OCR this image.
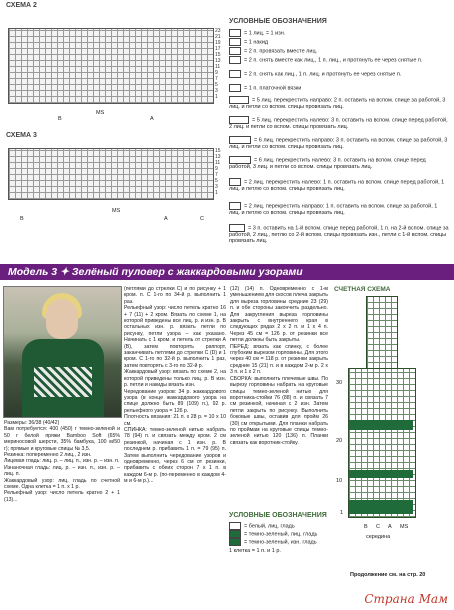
СХЕМА 2
23
21
19
17
15
13
11
9
7
5
3
1
B
MS
A
СХЕМА 3
15
13
11
9
7
5
3
1
B
MS
A	C
УСЛОВНЫЕ ОБОЗНАЧЕНИЯ
= 1 лиц. = 1 изн.
= 1 накид
= 2 п. провязать вместе лиц.
= 2 п. снять вместе как лиц., 1 п. лиц., и протянуть ее через снятые п.
= 2 п. снять как лиц., 1 п. лиц. и протянуть ее через снятые п.
= 1 п. платочной вязки
= 5 лиц. перекрестить направо: 2 п. оставить на вспом. спице за работой, 3 лиц. и петли со вспом. спицы провязать лиц.
= 5 лиц. перекрестить налево: 3 п. оставить на вспом. спице перед работой, 2 лиц. и петли со вспом. спицы провязать лиц.
= 6 лиц. перекрестить направо: 3 п. оставить на вспом. спице за работой, 3 лиц. и петли со вспом. спицы провязать лиц.
= 6 лиц. перекрестить налево: 3 п. оставить на вспом. спице перед работой, 3 лиц. и петли со вспом. спицы провязать лиц.
= 2 лиц. перекрестить налево: 1 п. оставить на вспом. спице перед работой, 1 лиц. и петлю со вспом. спицы провязать лиц.
= 2 лиц. перекрестить направо: 1 п. оставить на вспом. спице за работой, 1 лиц. и петлю со вспом. спицы провязать лиц.
= 3 п. оставить на 1-й вспом. спице перед работой, 1 п. на 2-й вспом. спице за работой, 2 лиц., петлю со 2-й вспом. спицы провязать изн., петли с 1-й вспом. спицы провязать лиц.
Модель 3 ✦ Зелёный пуловер с жаккардовыми узорами
Размеры: 36/38 (40/42)
Вам потребуется: 400 (450) г темно-зеленой и 50 г белой пряжи Bamboo Soft (65% мериносовой шерсти, 35% бамбука, 100 м/50 г); прямые и круговые спицы № 3,5.
Резинка: попеременно 2 лиц., 2 изн.
Лицевая гладь: лиц. р. – лиц. п., изн. р. – изн. п.
Изнаночная гладь: лиц. р. – изн. п., изн. р. – лиц. п.
Жаккардовый узор: лиц. гладь по счетной схеме. Одна клетка = 1 п. х 1 р.
Рельефный узор: число петель кратно 2 + 1 (13)...
(петлями до стрелки C) и по рисунку + 1 кром. п. С 1-го по 34-й р. выполнить 1 раз.
Рельефный узор: число петель кратно 16 + 7 (11) + 2 кром. Вязать по схеме 1, на которой приведены все лиц. р. и изн. р. В остальных изн. р. вязать петли по рисунку, петли узора – как указано. Начинать с 1 кром. и петель от стрелки A (B), затем повторять раппорт, заканчивать петлями до стрелки C (D) и 1 кром. С 1-го по 32-й р. выполнить 1 раз, затем повторять с 3-го по 32-й р.
Жаккардовый узор: вязать по схеме 2, на которой приведены только лиц. р. В изн. р. петли и накиды вязать изн.
Чередование узоров: 34 р. жаккардового узора (в конце жаккардового узора на спице должно быть 89 (109) п.), 92 р. рельефного узора = 126 р.
Плотность вязания: 21 п. х 28 р. = 10 х 10 см.
СПИНКА: темно-зеленой нитью набрать 78 (94) п. и связать между кром. 2 см резинкой, начиная с 1 изн. р. В последнем р. прибавить 1 п. = 79 (95) п. Затем выполнить чередование узоров и одновременно, через 6 см от резинки, прибавить с обеих сторон 7 х 1 п. в каждом 6-м р. (по-переменно в каждом 4-м и 6-м р.)...
(12) (14) п. Одновременно с 1-м уменьшением для скосов плеча закрыть для выреза горловины средние 23 (29) п. и обе стороны закончить раздельно. Для закругления выреза горловины закрыть с внутреннего края в следующих рядах 2 х 2 п. и 1 х 4 п. Через 45 см = 126 р. от резинки все петли должны быть закрыты.
ПЕРЕД: вязать как спинку, с более глубоким вырезом горловины. Для этого через 40 см = 118 р. от резинки закрыть средние 15 (21) п. и в каждом 2-м р. 2 х 3 п. и 1 х 2 п.
СБОРКА: выполнить плечевые швы. По вырезу горловины набрать на круговые спицы темно-зеленой нитью для воротника-стойки 76 (88) п. и связать 7 см резинкой, начиная с 2 изн. Затем петли закрыть по рисунку. Выполнить боковые швы, оставив для пройм 26 (30) см открытыми. Для планки набрать по проймам на круговые спицы темно-зеленой нитью 120 (136) п. Планки связать как воротник-стойку.
СЧЕТНАЯ СХЕМА
30
20
10
1
B C A MS
середина
УСЛОВНЫЕ ОБОЗНАЧЕНИЯ
= белый, лиц. гладь
= темно-зеленый, лиц. гладь
= темно-зеленый, изн. гладь
1 клетка = 1 п. и 1 р.
Продолжение см. на стр. 20
Страна Мам
